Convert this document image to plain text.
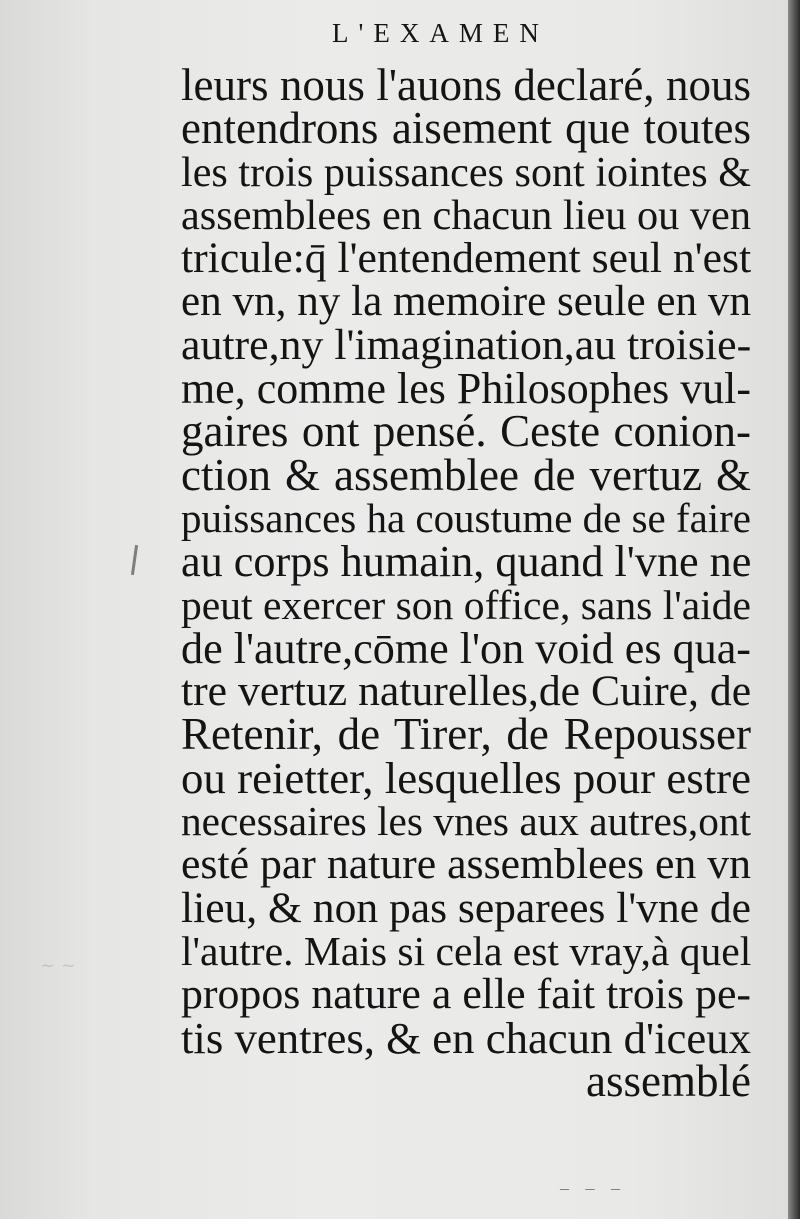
~ ~
L'EXAMEN
leurs nous l'auons declaré, nous
entendrons aisement que toutes
les trois puissances sont iointes &
assemblees en chacun lieu ou ven
tricule:q̄ l'entendement seul n'est
en vn, ny la memoire seule en vn
autre,ny l'imagination,au troisie-
me, comme les Philosophes vul-
gaires ont pensé. Ceste conion-
ction & assemblee de vertuz &
puissances ha coustume de se faire
au corps humain, quand l'vne ne
peut exercer son office, sans l'aide
de l'autre,cōme l'on void es qua-
tre vertuz naturelles,de Cuire, de
Retenir, de Tirer, de Repousser
ou reietter, lesquelles pour estre
necessaires les vnes aux autres,ont
esté par nature assemblees en vn
lieu, & non pas separees l'vne de
l'autre. Mais si cela est vray,à quel
propos nature a elle fait trois pe-
tis ventres, & en chacun d'iceux
assemblé
– – –
